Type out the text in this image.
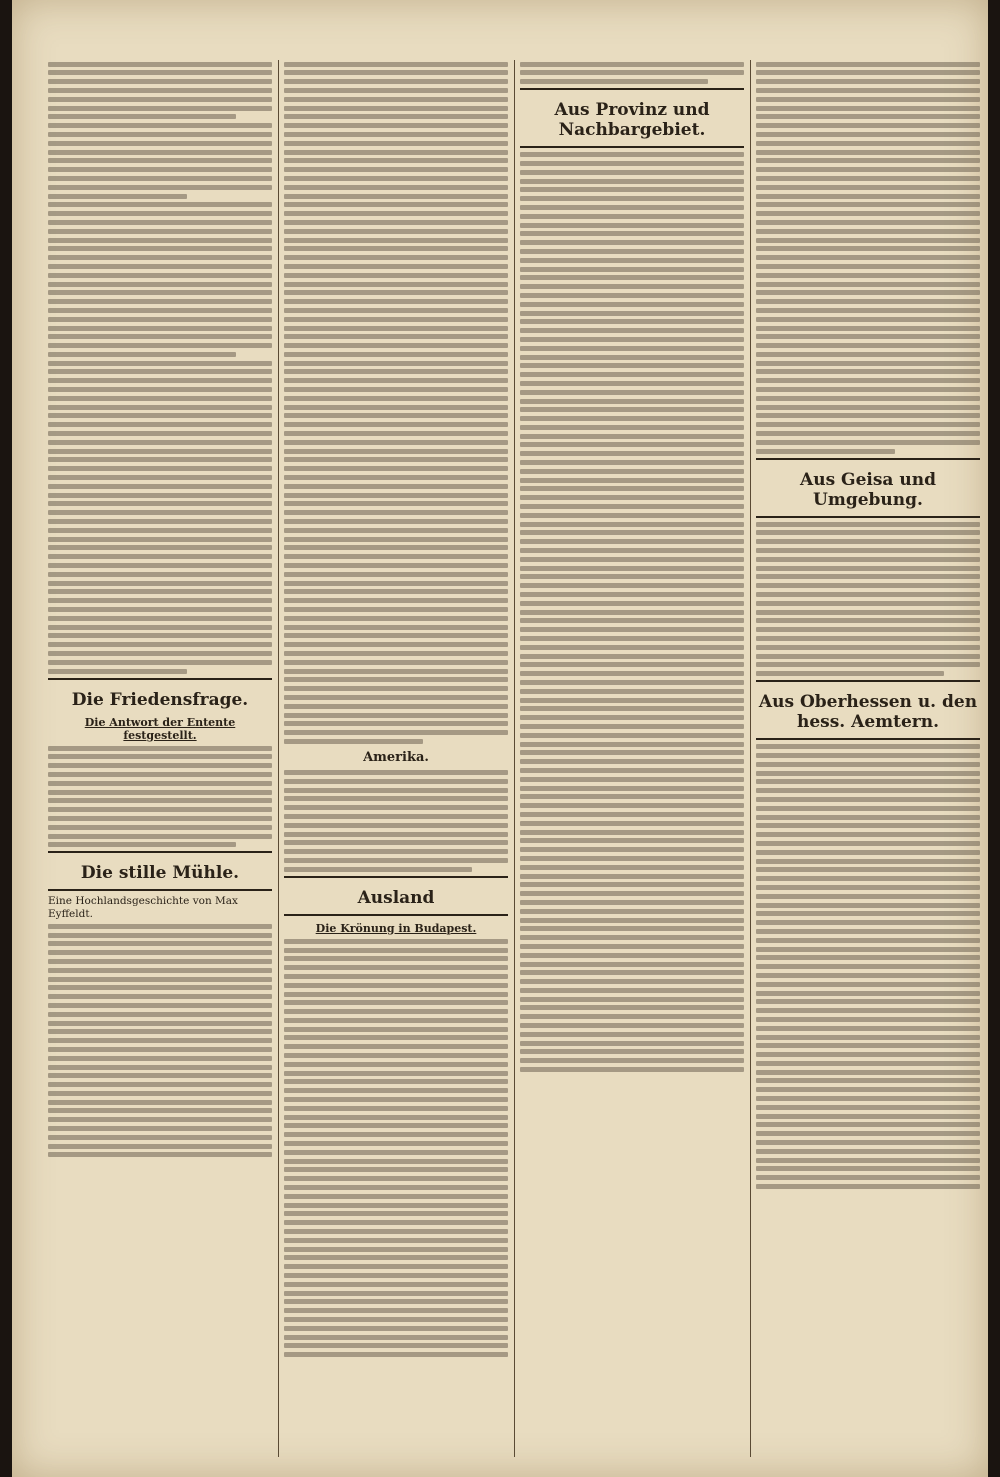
Die Friedensfrage.
Die Antwort der Entente festgestellt.
Die stille Mühle.
Eine Hochlandsgeschichte von Max Eyffeldt.
Amerika.
Ausland
Die Krönung in Budapest.
Aus Provinz und Nachbargebiet.
Aus Geisa und Umgebung.
Aus Oberhessen u. den hess. Aemtern.
